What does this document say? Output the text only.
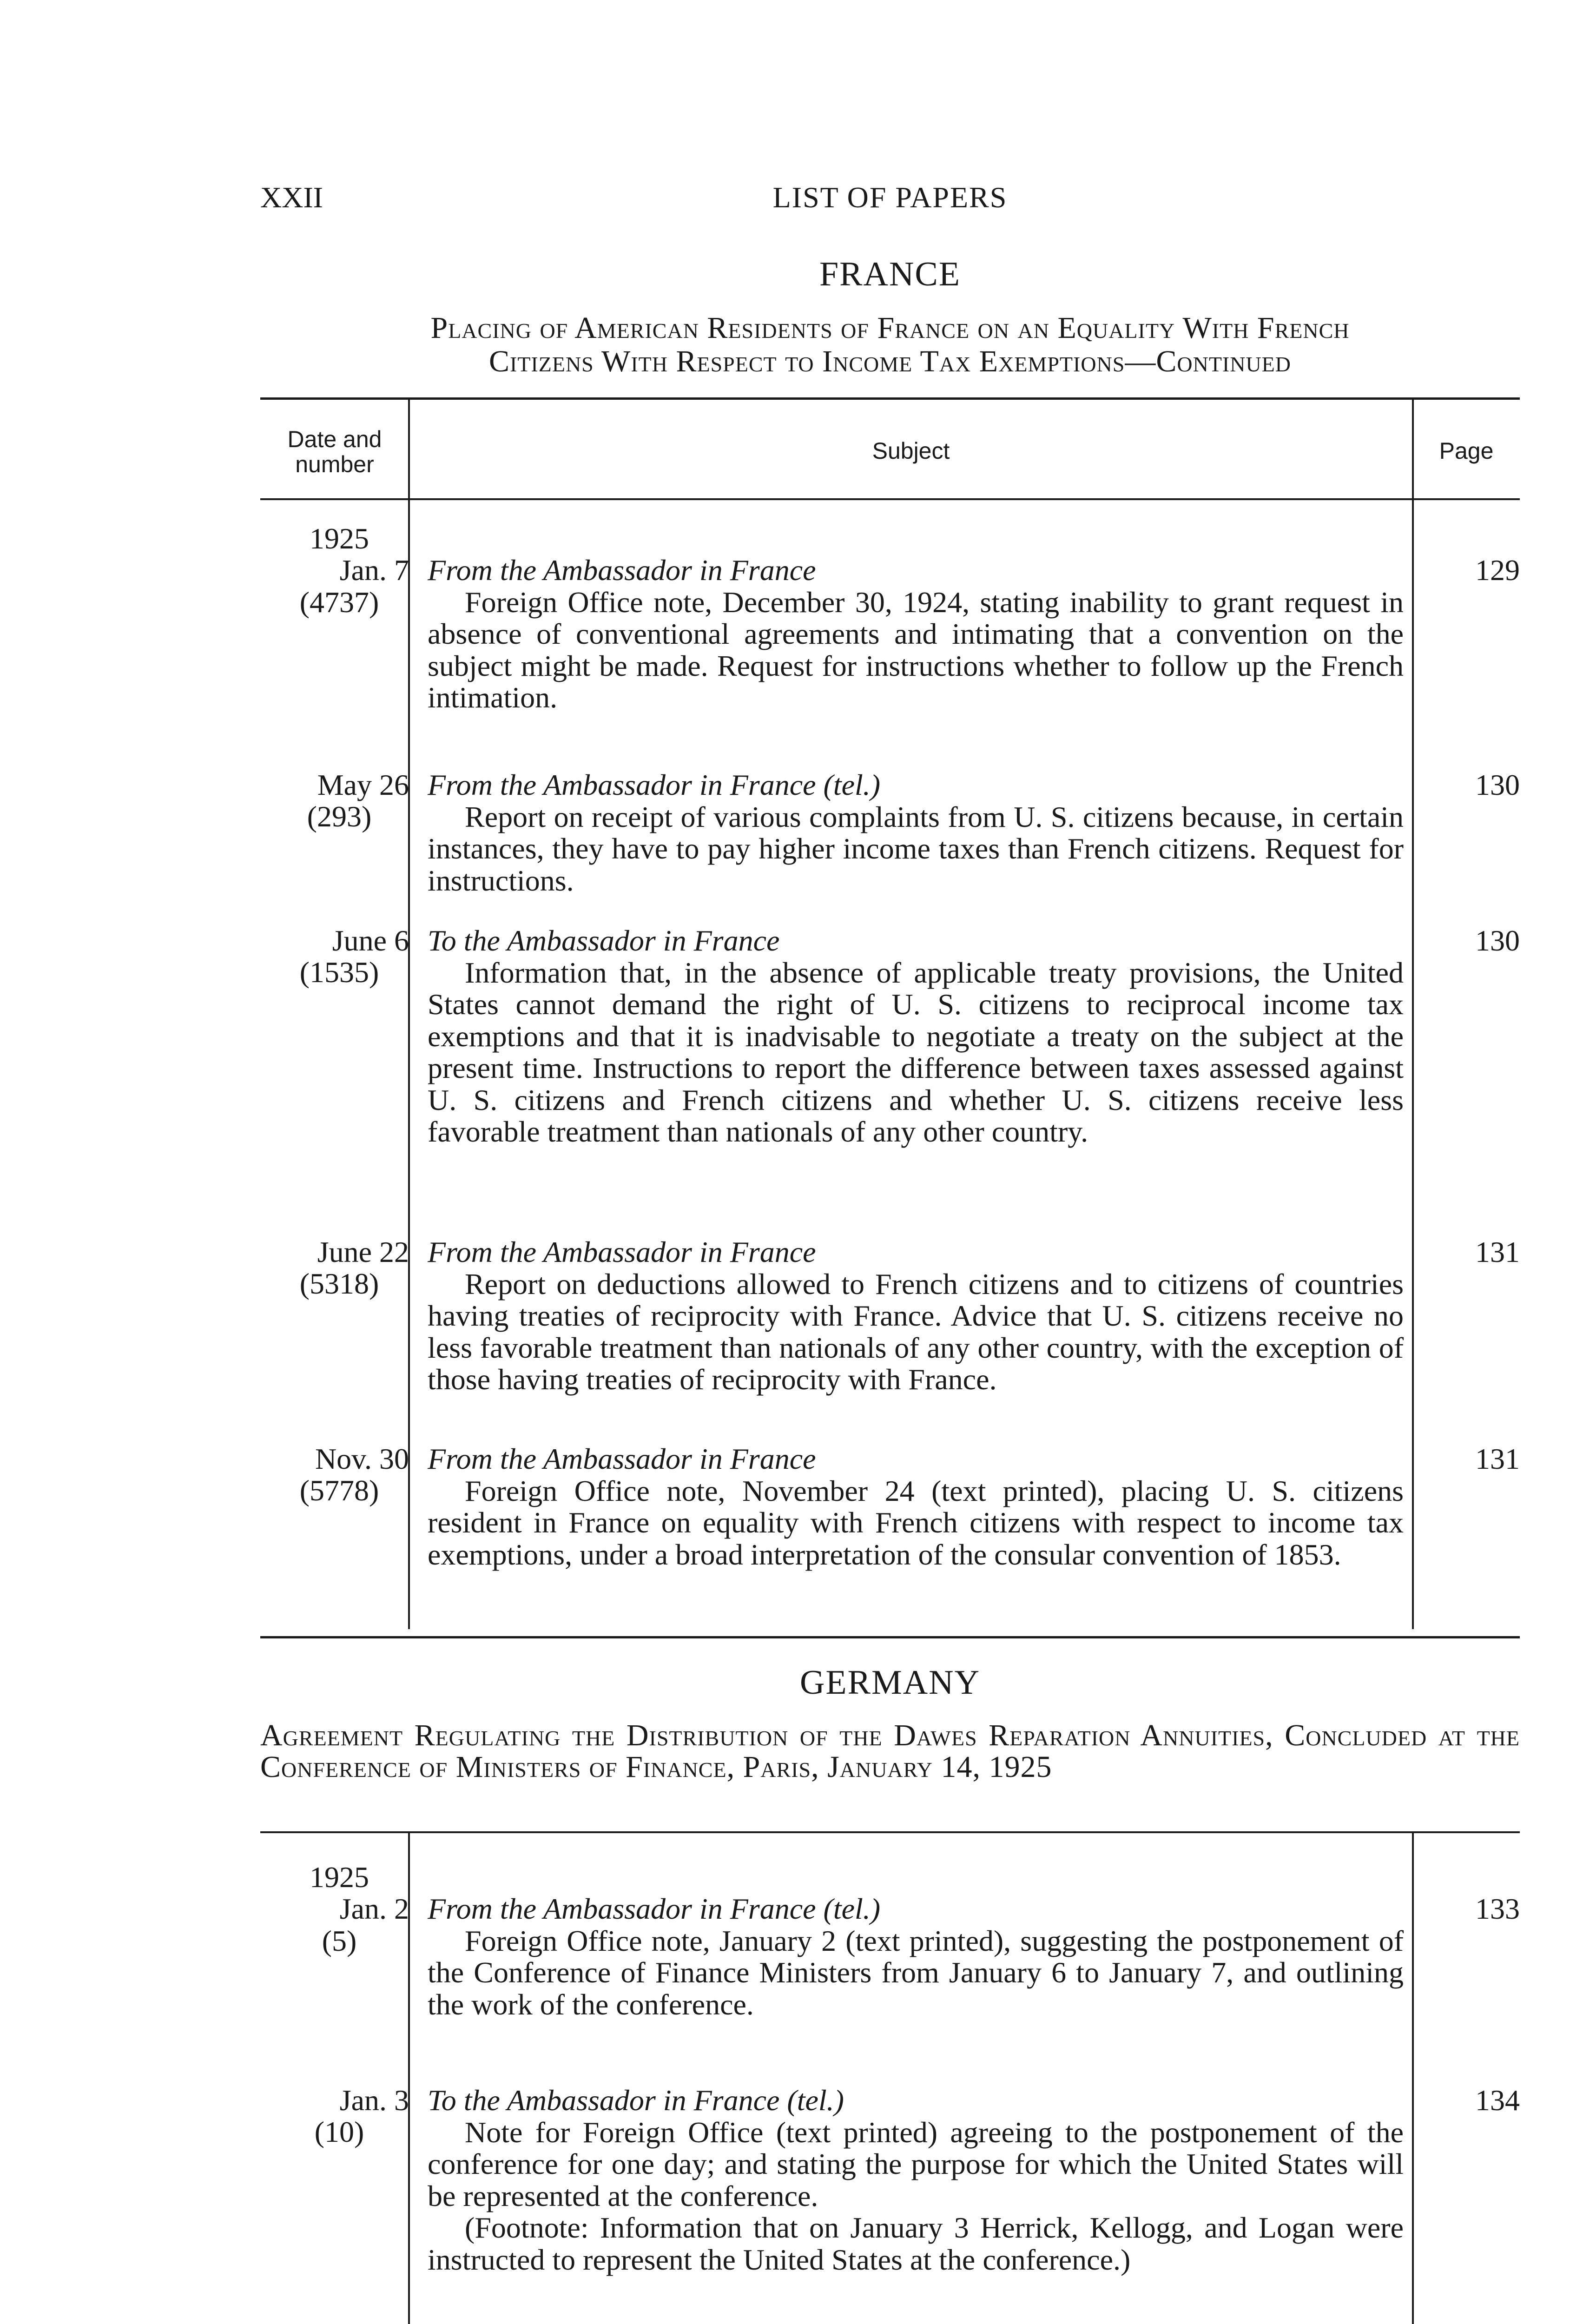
XXII	LIST OF PAPERS
FRANCE
Placing of American Residents of France on an Equality With French
Citizens With Respect to Income Tax Exemptions—Continued
Date and number
Subject	Page
1925
Jan. 7
(4737)
From the Ambassador in France
Foreign Office note, December 30, 1924, stating inability to grant request in absence of conventional agreements and intimating that a convention on the subject might be made. Request for instructions whether to follow up the French intimation.
129
May 26
(293)
From the Ambassador in France (tel.)
Report on receipt of various complaints from U. S. citizens because, in certain instances, they have to pay higher income taxes than French citizens. Request for instructions.
130
June 6
(1535)
To the Ambassador in France
Information that, in the absence of applicable treaty provisions, the United States cannot demand the right of U. S. citizens to reciprocal income tax exemptions and that it is inadvisable to negotiate a treaty on the subject at the present time. Instructions to report the difference between taxes assessed against U. S. citizens and French citizens and whether U. S. citizens receive less favorable treatment than nationals of any other country.
130
June 22
(5318)
From the Ambassador in France
Report on deductions allowed to French citizens and to citizens of countries having treaties of reciprocity with France. Advice that U. S. citizens receive no less favorable treatment than nationals of any other country, with the exception of those having treaties of reciprocity with France.
131
Nov. 30
(5778)
From the Ambassador in France
Foreign Office note, November 24 (text printed), placing U. S. citizens resident in France on equality with French citizens with respect to income tax exemptions, under a broad interpretation of the consular convention of 1853.
131
GERMANY
Agreement Regulating the Distribution of the Dawes Reparation Annuities, Concluded at the Conference of Ministers of Finance, Paris, January 14, 1925
1925
Jan. 2
(5)
From the Ambassador in France (tel.)
Foreign Office note, January 2 (text printed), suggesting the postponement of the Conference of Finance Ministers from January 6 to January 7, and outlining the work of the conference.
133
Jan. 3
(10)
To the Ambassador in France (tel.)
Note for Foreign Office (text printed) agreeing to the postponement of the conference for one day; and stating the purpose for which the United States will be represented at the conference.
(Footnote: Information that on January 3 Herrick, Kellogg, and Logan were instructed to represent the United States at the conference.)
134
